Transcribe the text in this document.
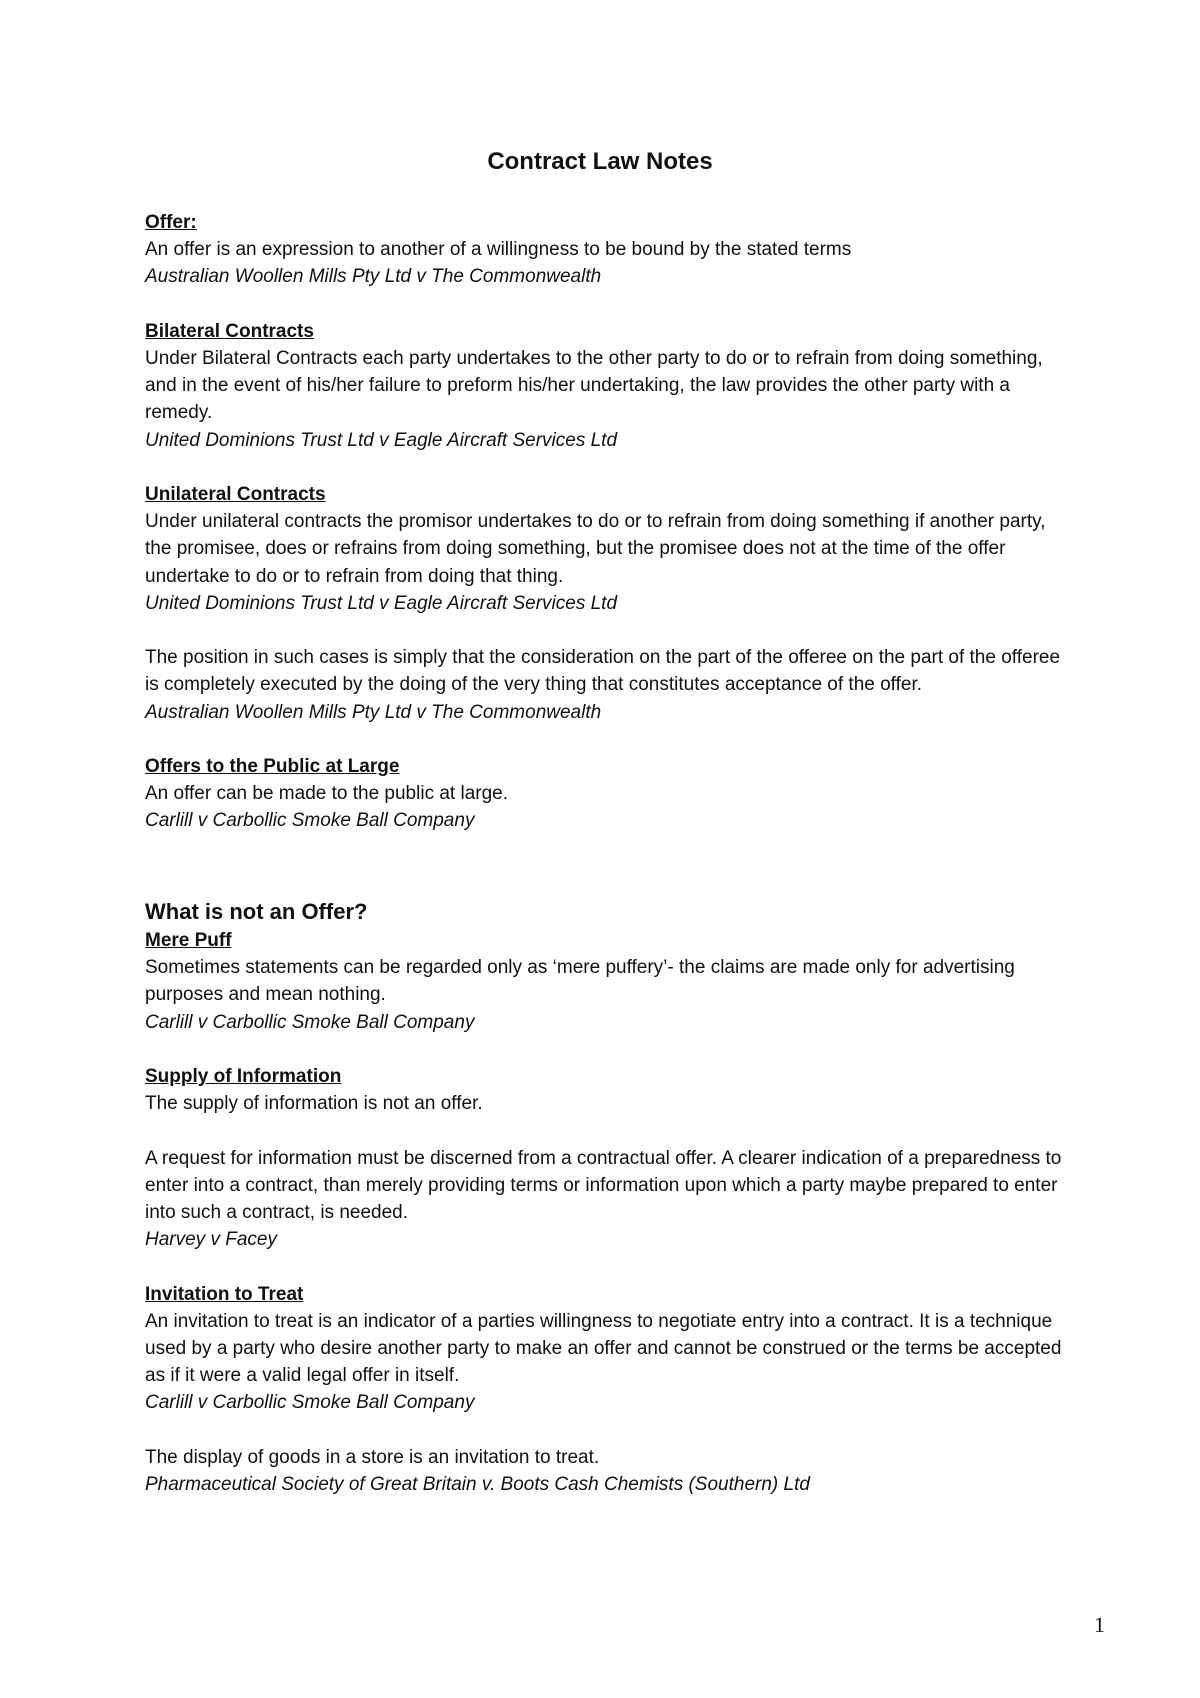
Contract Law Notes
Offer:

An offer is an expression to another of a willingness to be bound by the stated terms

Australian Woollen Mills Pty Ltd v The Commonwealth
Bilateral Contracts

Under Bilateral Contracts each party undertakes to the other party to do or to refrain from doing something, and in the event of his/her failure to preform his/her undertaking, the law provides the other party with a remedy.

United Dominions Trust Ltd v Eagle Aircraft Services Ltd
Unilateral Contracts

Under unilateral contracts the promisor undertakes to do or to refrain from doing something if another party, the promisee, does or refrains from doing something, but the promisee does not at the time of the offer undertake to do or to refrain from doing that thing.

United Dominions Trust Ltd v Eagle Aircraft Services Ltd

The position in such cases is simply that the consideration on the part of the offeree on the part of the offeree is completely executed by the doing of the very thing that constitutes acceptance of the offer.

Australian Woollen Mills Pty Ltd v The Commonwealth
Offers to the Public at Large

An offer can be made to the public at large.

Carlill v Carbollic Smoke Ball Company
What is not an Offer?
Mere Puff

Sometimes statements can be regarded only as ‘mere puffery’- the claims are made only for advertising purposes and mean nothing.

Carlill v Carbollic Smoke Ball Company
Supply of Information

The supply of information is not an offer.

A request for information must be discerned from a contractual offer. A clearer indication of a preparedness to enter into a contract, than merely providing terms or information upon which a party maybe prepared to enter into such a contract, is needed.

Harvey v Facey
Invitation to Treat

An invitation to treat is an indicator of a parties willingness to negotiate entry into a contract. It is a technique used by a party who desire another party to make an offer and cannot be construed or the terms be accepted as if it were a valid legal offer in itself.

Carlill v Carbollic Smoke Ball Company

The display of goods in a store is an invitation to treat.

Pharmaceutical Society of Great Britain v. Boots Cash Chemists (Southern) Ltd
1
